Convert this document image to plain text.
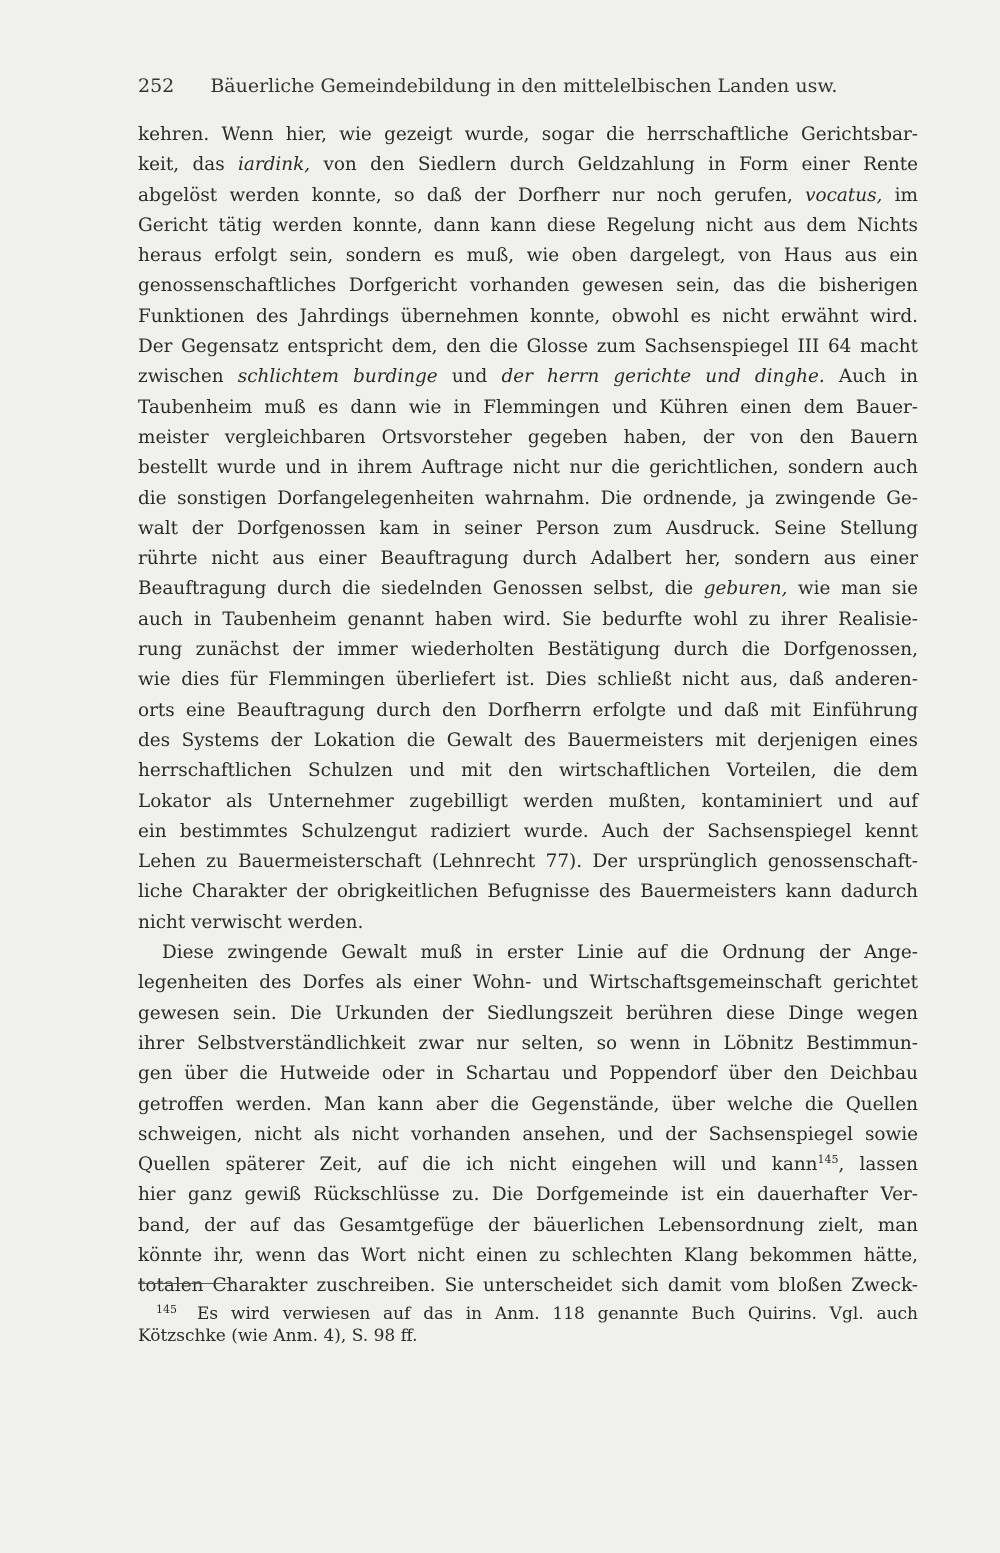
252 Bäuerliche Gemeindebildung in den mittelelbischen Landen usw.
kehren. Wenn hier, wie gezeigt wurde, sogar die herrschaftliche Gerichtsbar-
keit, das iardink, von den Siedlern durch Geldzahlung in Form einer Rente
abgelöst werden konnte, so daß der Dorfherr nur noch gerufen, vocatus, im
Gericht tätig werden konnte, dann kann diese Regelung nicht aus dem Nichts
heraus erfolgt sein, sondern es muß, wie oben dargelegt, von Haus aus ein
genossenschaftliches Dorfgericht vorhanden gewesen sein, das die bisherigen
Funktionen des Jahrdings übernehmen konnte, obwohl es nicht erwähnt wird.
Der Gegensatz entspricht dem, den die Glosse zum Sachsenspiegel III 64 macht
zwischen schlichtem burdinge und der herrn gerichte und dinghe. Auch in
Taubenheim muß es dann wie in Flemmingen und Kühren einen dem Bauer-
meister vergleichbaren Ortsvorsteher gegeben haben, der von den Bauern
bestellt wurde und in ihrem Auftrage nicht nur die gerichtlichen, sondern auch
die sonstigen Dorfangelegenheiten wahrnahm. Die ordnende, ja zwingende Ge-
walt der Dorfgenossen kam in seiner Person zum Ausdruck. Seine Stellung
rührte nicht aus einer Beauftragung durch Adalbert her, sondern aus einer
Beauftragung durch die siedelnden Genossen selbst, die geburen, wie man sie
auch in Taubenheim genannt haben wird. Sie bedurfte wohl zu ihrer Realisie-
rung zunächst der immer wiederholten Bestätigung durch die Dorfgenossen,
wie dies für Flemmingen überliefert ist. Dies schließt nicht aus, daß anderen-
orts eine Beauftragung durch den Dorfherrn erfolgte und daß mit Einführung
des Systems der Lokation die Gewalt des Bauermeisters mit derjenigen eines
herrschaftlichen Schulzen und mit den wirtschaftlichen Vorteilen, die dem
Lokator als Unternehmer zugebilligt werden mußten, kontaminiert und auf
ein bestimmtes Schulzengut radiziert wurde. Auch der Sachsenspiegel kennt
Lehen zu Bauermeisterschaft (Lehnrecht 77). Der ursprünglich genossenschaft-
liche Charakter der obrigkeitlichen Befugnisse des Bauermeisters kann dadurch
nicht verwischt werden.
Diese zwingende Gewalt muß in erster Linie auf die Ordnung der Ange-
legenheiten des Dorfes als einer Wohn- und Wirtschaftsgemeinschaft gerichtet
gewesen sein. Die Urkunden der Siedlungszeit berühren diese Dinge wegen
ihrer Selbstverständlichkeit zwar nur selten, so wenn in Löbnitz Bestimmun-
gen über die Hutweide oder in Schartau und Poppendorf über den Deichbau
getroffen werden. Man kann aber die Gegenstände, über welche die Quellen
schweigen, nicht als nicht vorhanden ansehen, und der Sachsenspiegel sowie
Quellen späterer Zeit, auf die ich nicht eingehen will und kann$^{145}$, lassen
hier ganz gewiß Rückschlüsse zu. Die Dorfgemeinde ist ein dauerhafter Ver-
band, der auf das Gesamtgefüge der bäuerlichen Lebensordnung zielt, man
könnte ihr, wenn das Wort nicht einen zu schlechten Klang bekommen hätte,
totalen Charakter zuschreiben. Sie unterscheidet sich damit vom bloßen Zweck-
$^{145}$ Es wird verwiesen auf das in Anm. 118 genannte Buch Quirins. Vgl. auch
Kötzschke (wie Anm. 4), S. 98 ff.
